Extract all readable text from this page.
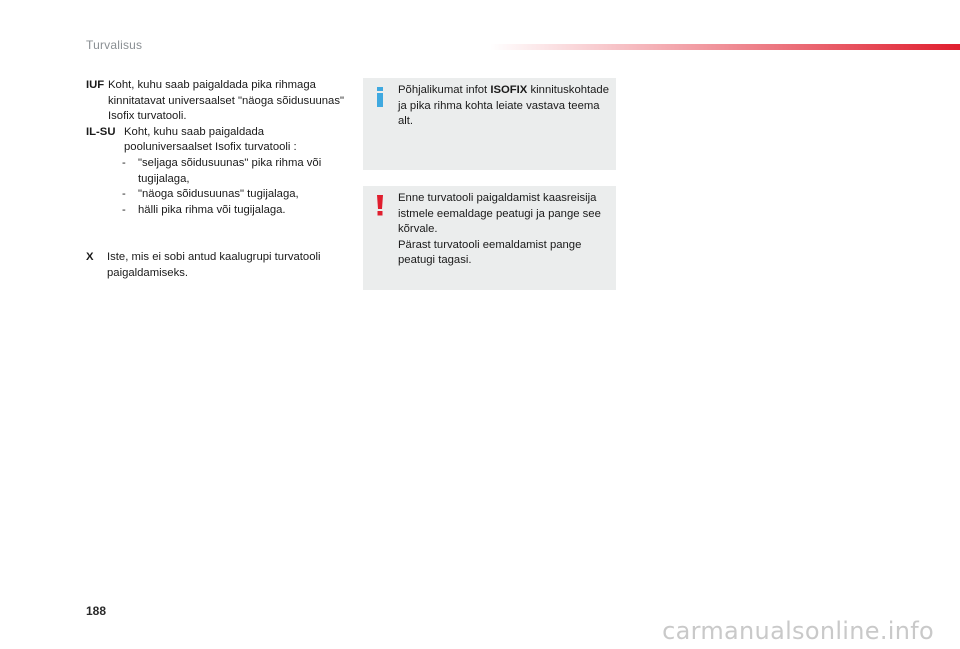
Turvalisus
IUF Koht, kuhu saab paigaldada pika rihmaga kinnitatavat universaalset "näoga sõidusuunas" Isofix turvatooli.
IL-SU Koht, kuhu saab paigaldada
pooluniversaalset Isofix turvatooli :
- "seljaga sõidusuunas" pika rihma või tugijalaga,
- "näoga sõidusuunas" tugijalaga,
- hälli pika rihma või tugijalaga.
X	Iste, mis ei sobi antud kaalugrupi turvatooli paigaldamiseks.
Põhjalikumat infot ISOFIX kinnituskohtade ja pika rihma kohta leiate vastava teema alt.
Enne turvatooli paigaldamist kaasreisija istmele eemaldage peatugi ja pange see kõrvale.
Pärast turvatooli eemaldamist pange peatugi tagasi.
188
carmanualsonline.info
